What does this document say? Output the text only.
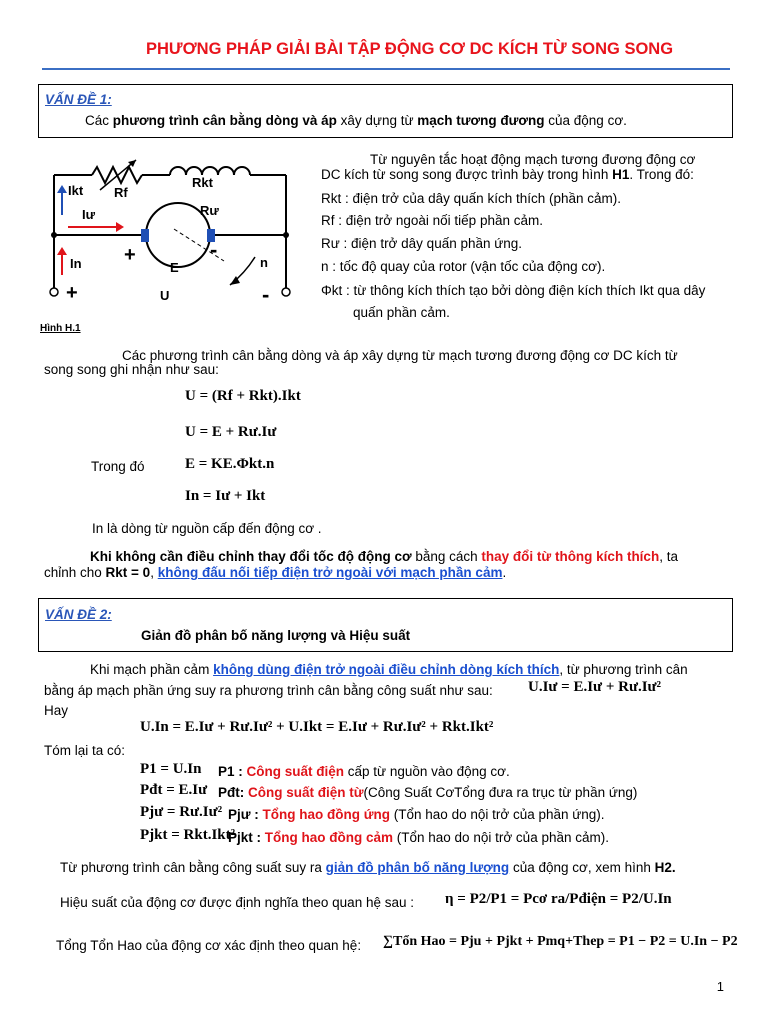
PHƯƠNG PHÁP GIẢI BÀI TẬP ĐỘNG CƠ DC KÍCH TỪ SONG SONG
VẤN ĐỀ 1:
Các phương trình cân bằng dòng và áp xây dựng từ mạch tương đương của động cơ.
Ikt Rf
Rkt
Iư	Rư
In	E
U
n
+	-
+	-
Từ nguyên tắc hoạt động mạch tương đương động cơ
DC kích từ song song được trình bày trong hình H1. Trong đó:
Rkt : điện trở của dây quấn kích thích (phần cảm).
Rf : điện trở ngoài nối tiếp phần cảm.
Rư : điện trở dây quấn phần ứng.
n : tốc độ quay của rotor (vận tốc của động cơ).
Φkt : từ thông kích thích tạo bởi dòng điện kích thích Ikt qua dây
quấn phần cảm.
Hình H.1
Các phương trình cân bằng dòng và áp xây dựng từ mạch tương đương động cơ DC kích từ
song song ghi nhận như sau:
U = (Rf + Rkt).Ikt
U = E + Rư.Iư
Trong đó	E = KE.Φkt.n
In = Iư + Ikt
In là dòng từ nguồn cấp đến động cơ .
Khi không cần điều chỉnh thay đổi tốc độ động cơ bằng cách thay đổi từ thông kích thích, ta
chỉnh cho Rkt = 0, không đấu nối tiếp điện trở ngoài với mạch phần cảm.
VẤN ĐỀ 2:
Giản đồ phân bố năng lượng và Hiệu suất
Khi mạch phần cảm không dùng điện trở ngoài điều chỉnh dòng kích thích, từ phương trình cân
bằng áp mạch phần ứng suy ra phương trình cân bằng công suất như sau: U.Iư = E.Iư + Rư.Iư²
Hay
U.In = E.Iư + Rư.Iư² + U.Ikt = E.Iư + Rư.Iư² + Rkt.Ikt²
Tóm lại ta có:
P1 = U.In P1 : Công suất điện cấp từ nguồn vào động cơ.
Pđt = E.Iư Pđt: Công suất điện từ(Công Suất CơTổng đưa ra trục từ phần ứng)
Pjư = Rư.Iư² Pjư : Tổng hao đồng ứng (Tổn hao do nội trở của phần ứng).
Pjkt = Rkt.Ikt²
Pjkt : Tổng hao đồng cảm (Tổn hao do nội trở của phần cảm).
Từ phương trình cân bằng công suất suy ra giản đồ phân bố năng lượng của động cơ, xem hình H2.
Hiệu suất của động cơ được định nghĩa theo quan hệ sau : η = P2/P1 = Pcơ ra/Pđiện = P2/U.In
Tổng Tổn Hao của động cơ xác định theo quan hệ: ∑Tổn Hao = Pju + Pjkt + Pmq+Thep = P1 − P2 = U.In − P2
1
